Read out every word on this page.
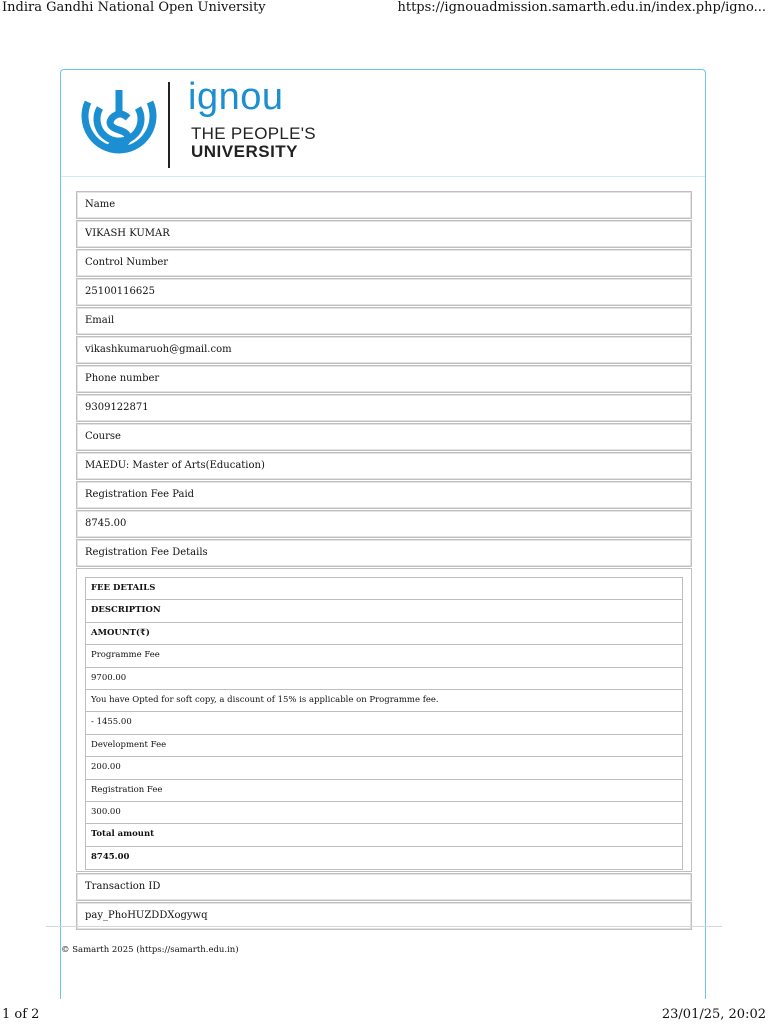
Indira Gandhi National Open University	https://ignouadmission.samarth.edu.in/index.php/igno...
ignou
THE PEOPLE'S
UNIVERSITY
Name
VIKASH KUMAR
Control Number
25100116625
Email
vikashkumaruoh@gmail.com
Phone number
9309122871
Course
MAEDU: Master of Arts(Education)
Registration Fee Paid
8745.00
Registration Fee Details
FEE DETAILS
DESCRIPTION
AMOUNT(₹)
Programme Fee
9700.00
You have Opted for soft copy, a discount of 15% is applicable on Programme fee.
- 1455.00
Development Fee
200.00
Registration Fee
300.00
Total amount
8745.00
Transaction ID
pay_PhoHUZDDXogywq
© Samarth 2025 (https://samarth.edu.in)
1 of 2	23/01/25, 20:02
